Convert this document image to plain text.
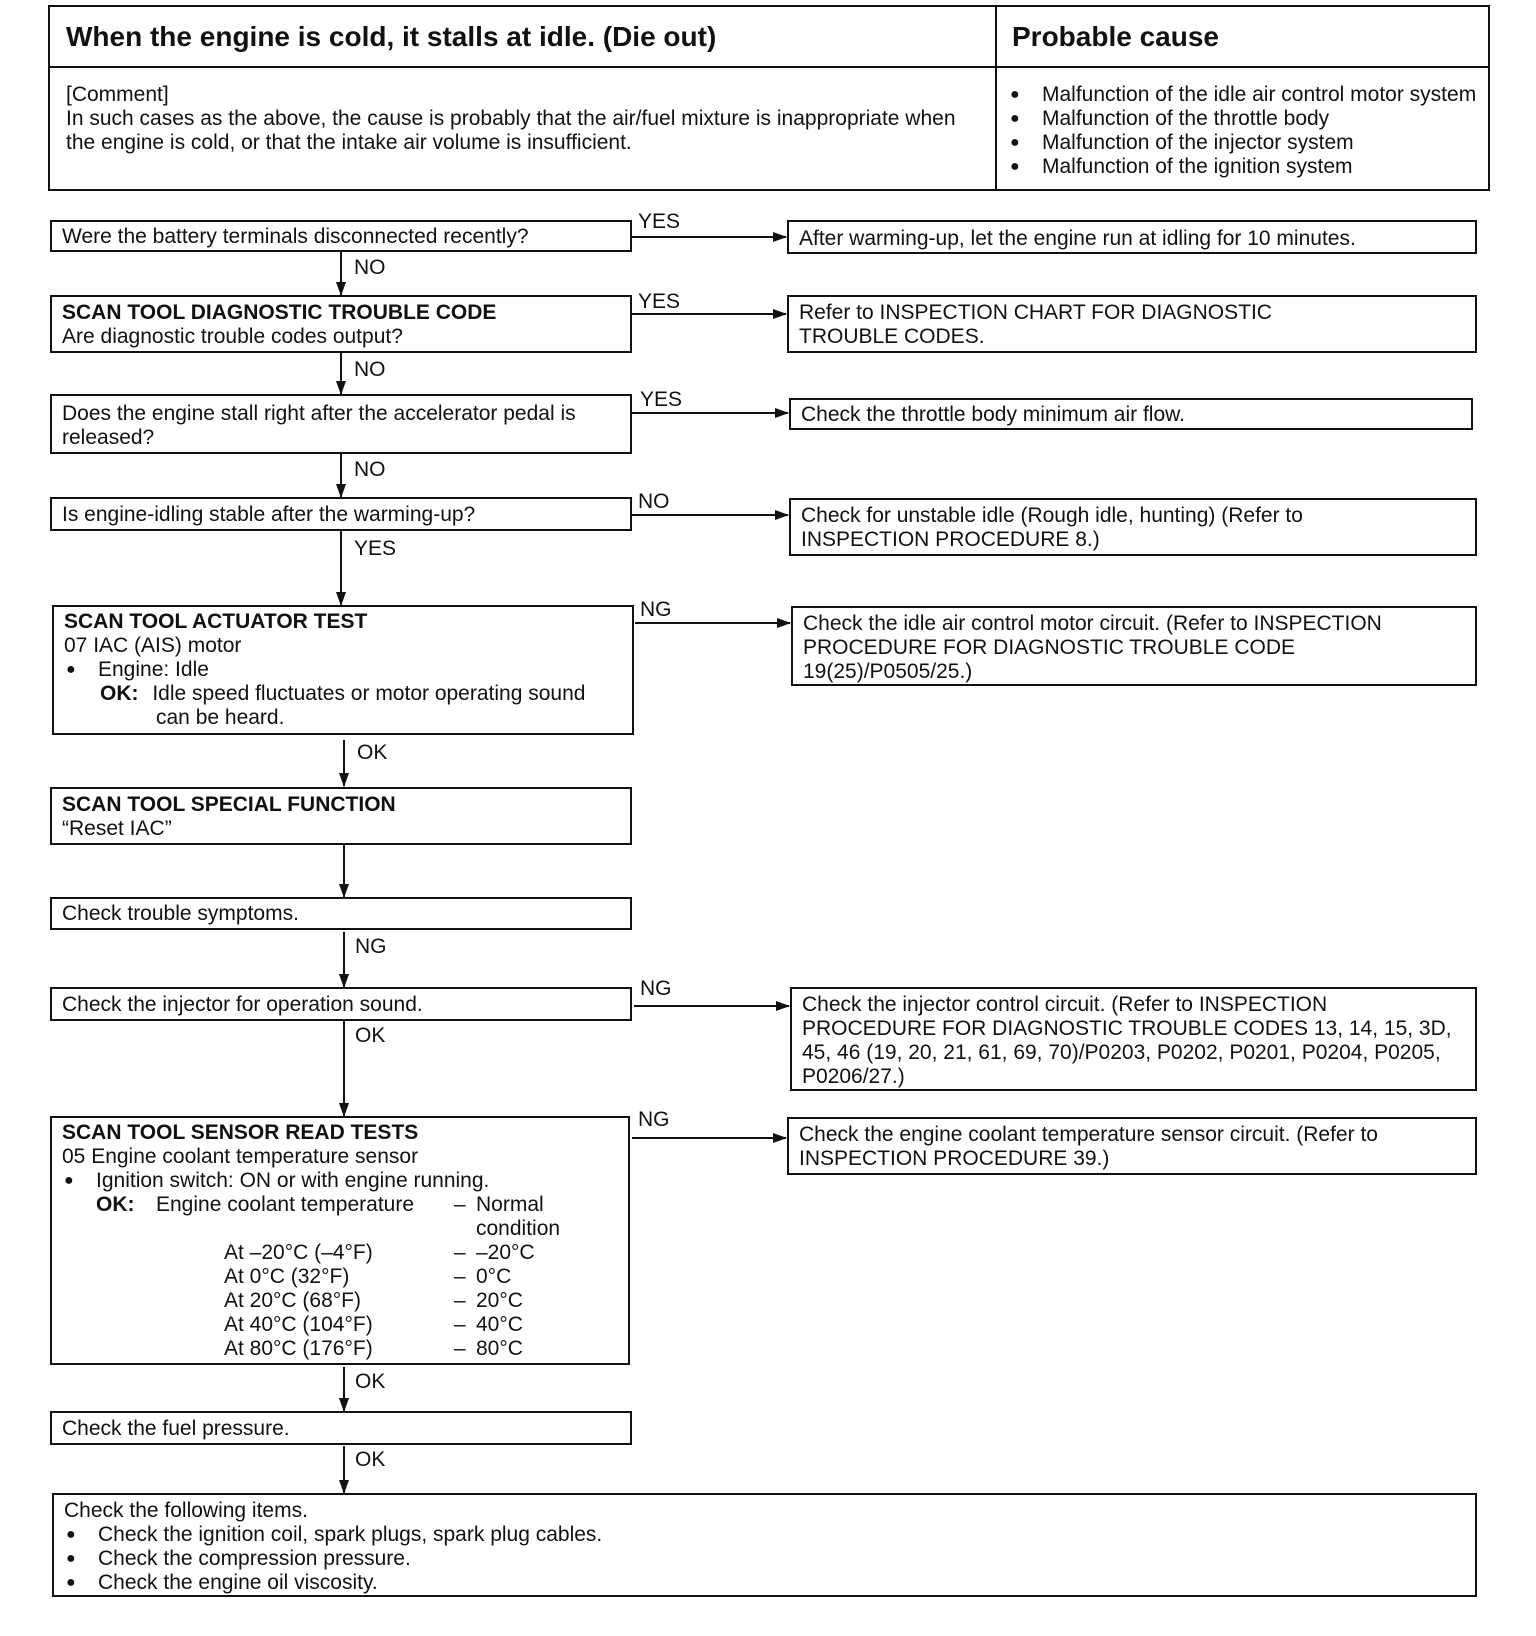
When the engine is cold, it stalls at idle. (Die out)	Probable cause
[Comment]
In such cases as the above, the cause is probably that the air/fuel mixture is inappropriate when the engine is cold, or that the intake air volume is insufficient.
● Malfunction of the idle air control motor system
● Malfunction of the throttle body
● Malfunction of the injector system
● Malfunction of the ignition system
Were the battery terminals disconnected recently?
YES
NO
After warming-up, let the engine run at idling for 10 minutes.
SCAN TOOL DIAGNOSTIC TROUBLE CODE
Are diagnostic trouble codes output?
YES
NO
Refer to INSPECTION CHART FOR DIAGNOSTIC TROUBLE CODES.
Does the engine stall right after the accelerator pedal is released?
YES
NO
Check the throttle body minimum air flow.
Is engine-idling stable after the warming-up?
NO
YES
Check for unstable idle (Rough idle, hunting) (Refer to INSPECTION PROCEDURE 8.)
SCAN TOOL ACTUATOR TEST
07 IAC (AIS) motor
● Engine: Idle
OK: Idle speed fluctuates or motor operating sound
can be heard.
NG
OK
Check the idle air control motor circuit. (Refer to INSPECTION PROCEDURE FOR DIAGNOSTIC TROUBLE CODE 19(25)/P0505/25.)
SCAN TOOL SPECIAL FUNCTION
“Reset IAC”
Check trouble symptoms.
NG
Check the injector for operation sound.
NG
OK
Check the injector control circuit. (Refer to INSPECTION PROCEDURE FOR DIAGNOSTIC TROUBLE CODES 13, 14, 15, 3D, 45, 46 (19, 20, 21, 61, 69, 70)/P0203, P0202, P0201, P0204, P0205, P0206/27.)
SCAN TOOL SENSOR READ TESTS
05 Engine coolant temperature sensor
● Ignition switch: ON or with engine running.
OK:	Engine coolant temperature	– Normal
condition
At –20°C (–4°F)	– –20°C
At 0°C (32°F)	– 0°C
At 20°C (68°F)	– 20°C
At 40°C (104°F)	– 40°C
At 80°C (176°F)	– 80°C
NG
OK
Check the engine coolant temperature sensor circuit. (Refer to INSPECTION PROCEDURE 39.)
Check the fuel pressure.
OK
Check the following items.
● Check the ignition coil, spark plugs, spark plug cables.
● Check the compression pressure.
● Check the engine oil viscosity.
